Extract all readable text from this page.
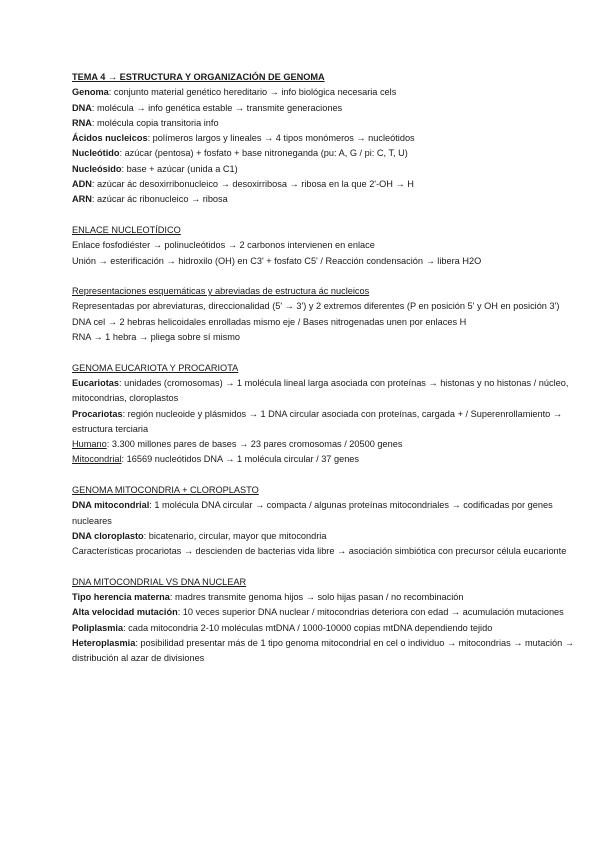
TEMA 4 → ESTRUCTURA Y ORGANIZACIÓN DE GENOMA

Genoma: conjunto material genético hereditario → info biológica necesaria cels

DNA: molécula → info genética estable → transmite generaciones

RNA: molécula copia transitoria info

Ácidos nucleicos: polímeros largos y lineales → 4 tipos monómeros → nucleótidos

Nucleótido: azúcar (pentosa) + fosfato + base nitroneganda (pu: A, G / pi: C, T, U)

Nucleósido: base + azúcar (unida a C1)

ADN: azúcar ác desoxirribonucleico → desoxirribosa → ribosa en la que 2'-OH → H

ARN: azúcar ác ribonucleico → ribosa

ENLACE NUCLEOTÍDICO

Enlace fosfodiéster → polinucleótidos → 2 carbonos intervienen en enlace

Unión → esterificación → hidroxilo (OH) en C3' + fosfato C5' / Reacción condensación → libera H2O

Representaciones esquemáticas y abreviadas de estructura ác nucleicos

Representadas por abreviaturas, direccionalidad (5' → 3') y 2 extremos diferentes (P en posición 5' y OH en posición 3')

DNA cel → 2 hebras helicoidales enrolladas mismo eje / Bases nitrogenadas unen por enlaces H

RNA → 1 hebra → pliega sobre sí mismo

GENOMA EUCARIOTA Y PROCARIOTA

Eucariotas: unidades (cromosomas) → 1 molécula lineal larga asociada con proteínas → histonas y no histonas / núcleo, mitocondrias, cloroplastos

Procariotas: región nucleoide y plásmidos → 1 DNA circular asociada con proteínas, cargada + / Superenrollamiento → estructura terciaria

Humano: 3.300 millones pares de bases → 23 pares cromosomas / 20500 genes

Mitocondrial: 16569 nucleótidos DNA → 1 molécula circular / 37 genes

GENOMA MITOCONDRIA + CLOROPLASTO

DNA mitocondrial: 1 molécula DNA circular → compacta / algunas proteínas mitocondriales → codificadas por genes nucleares

DNA cloroplasto: bicatenario, circular, mayor que mitocondria

Características procariotas → descienden de bacterias vida libre → asociación simbiótica con precursor célula eucarionte

DNA MITOCONDRIAL VS DNA NUCLEAR

Tipo herencia materna: madres transmite genoma hijos → solo hijas pasan / no recombinación

Alta velocidad mutación: 10 veces superior DNA nuclear / mitocondrias deteriora con edad → acumulación mutaciones

Poliplasmia: cada mitocondria 2-10 moléculas mtDNA / 1000-10000 copias mtDNA dependiendo tejido

Heteroplasmia: posibilidad presentar más de 1 tipo genoma mitocondrial en cel o individuo → mitocondrias → mutación → distribución al azar de divisiones
